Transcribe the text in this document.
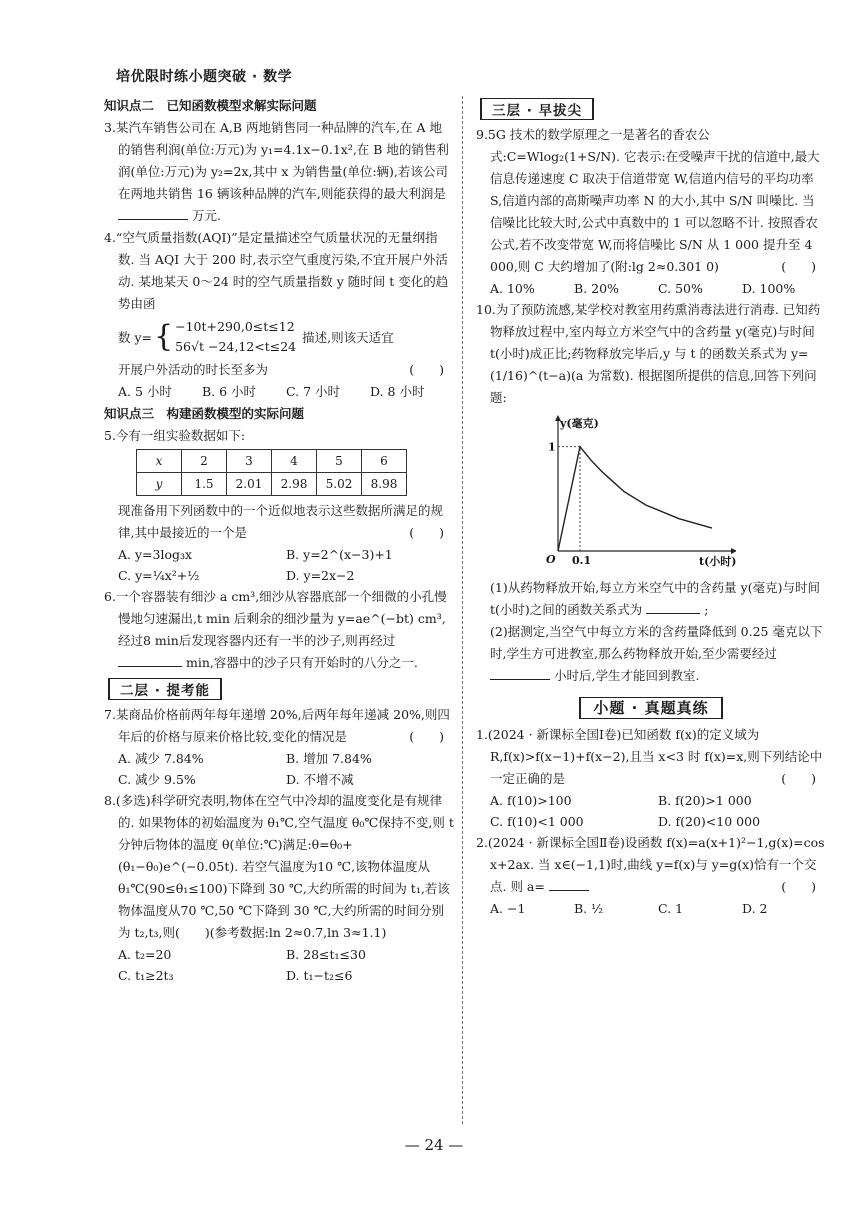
培优限时练小题突破 · 数学
知识点二　已知函数模型求解实际问题

3.某汽车销售公司在 A,B 两地销售同一种品牌的汽车,在 A 地的销售利润(单位:万元)为 y₁=4.1x−0.1x²,在 B 地的销售利润(单位:万元)为 y₂=2x,其中 x 为销售量(单位:辆),若该公司在两地共销售 16 辆该种品牌的汽车,则能获得的最大利润是  万元.

4.“空气质量指数(AQI)”是定量描述空气质量状况的无量纲指数. 当 AQI 大于 200 时,表示空气重度污染,不宜开展户外活动. 某地某天 0～24 时的空气质量指数 y 随时间 t 变化的趋势由函

数 y= { −10t+290,0≤t≤12
56√t −24,12<t≤24
描述,则该天适宜

开展户外活动的时长至多为	(　　)

A. 5 小时	B. 6 小时	C. 7 小时	D. 8 小时
知识点三　构建函数模型的实际问题

5.今有一组实验数据如下:

x	2	3	4	5	6
y	1.5	2.01	2.98	5.02	8.98

现准备用下列函数中的一个近似地表示这些数据所满足的规律,其中最接近的一个是	(　　)

A. y=3log₃x	B. y=2^(x−3)+1
C. y=¼x²+½	D. y=2x−2

6.一个容器装有细沙 a cm³,细沙从容器底部一个细微的小孔慢慢地匀速漏出,t min 后剩余的细沙量为 y=ae^(−bt) cm³,经过8 min后发现容器内还有一半的沙子,则再经过  min,容器中的沙子只有开始时的八分之一.

二层 · 提考能

7.某商品价格前两年每年递增 20%,后两年每年递减 20%,则四年后的价格与原来价格比较,变化的情况是	(　　)

A. 减少 7.84%	B. 增加 7.84%
C. 减少 9.5%	D. 不增不减

8.(多选)科学研究表明,物体在空气中冷却的温度变化是有规律的. 如果物体的初始温度为 θ₁℃,空气温度 θ₀℃保持不变,则 t 分钟后物体的温度 θ(单位:℃)满足:θ=θ₀+(θ₁−θ₀)e^(−0.05t). 若空气温度为10 ℃,该物体温度从 θ₁℃(90≤θ₁≤100)下降到 30 ℃,大约所需的时间为 t₁,若该物体温度从70 ℃,50 ℃下降到 30 ℃,大约所需的时间分别为 t₂,t₃,则(　　)(参考数据:ln 2≈0.7,ln 3≈1.1)

A. t₂=20	B. 28≤t₁≤30
C. t₁≥2t₃	D. t₁−t₂≤6
三层 · 早拔尖

9.5G 技术的数学原理之一是著名的香农公式:C=Wlog₂(1+S/N). 它表示:在受噪声干扰的信道中,最大信息传递速度 C 取决于信道带宽 W,信道内信号的平均功率 S,信道内部的高斯噪声功率 N 的大小,其中 S/N 叫噪比. 当信噪比比较大时,公式中真数中的 1 可以忽略不计. 按照香农公式,若不改变带宽 W,而将信噪比 S/N 从 1 000 提升至 4 000,则 C 大约增加了(附:lg 2≈0.301 0)	(　　)

A. 10%	B. 20%	C. 50%	D. 100%

10.为了预防流感,某学校对教室用药熏消毒法进行消毒. 已知药物释放过程中,室内每立方米空气中的含药量 y(毫克)与时间 t(小时)成正比;药物释放完毕后,y 与 t 的函数关系式为 y=(1/16)^(t−a)(a 为常数). 根据图所提供的信息,回答下列问题:

y(毫克)
t(小时)
O 0.1
1

(1)从药物释放开始,每立方米空气中的含药量 y(毫克)与时间 t(小时)之间的函数关系式为	;

(2)据测定,当空气中每立方米的含药量降低到 0.25 毫克以下时,学生方可进教室,那么药物释放开始,至少需要经过  小时后,学生才能回到教室.

小题 · 真题真练

1.(2024 · 新课标全国Ⅰ卷)已知函数 f(x)的定义域为 R,f(x)>f(x−1)+f(x−2),且当 x<3 时 f(x)=x,则下列结论中一定正确的是	(　　)

A. f(10)>100	B. f(20)>1 000
C. f(10)<1 000	D. f(20)<10 000

2.(2024 · 新课标全国Ⅱ卷)设函数 f(x)=a(x+1)²−1,g(x)=cos x+2ax. 当 x∈(−1,1)时,曲线 y=f(x)与 y=g(x)恰有一个交点. 则 a=	(　　)

A. −1	B. ½	C. 1	D. 2
— 24 —
